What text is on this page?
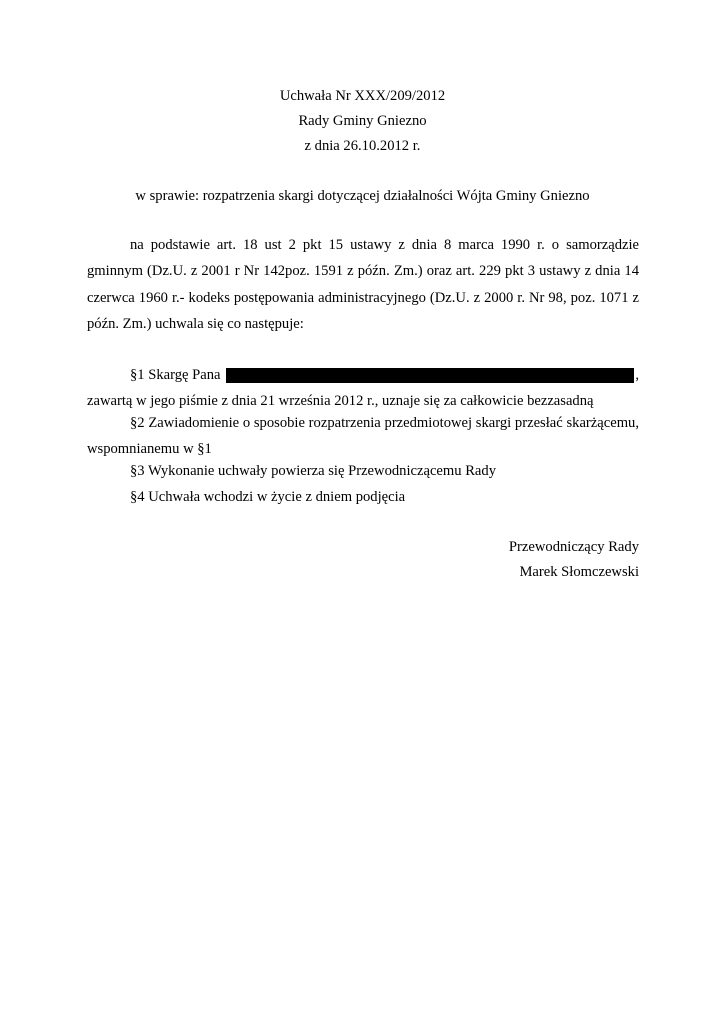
Uchwała Nr XXX/209/2012
Rady Gminy Gniezno
z dnia 26.10.2012 r.
w sprawie: rozpatrzenia skargi dotyczącej działalności Wójta Gminy Gniezno
na podstawie art. 18 ust 2 pkt 15 ustawy z dnia 8 marca 1990 r. o samorządzie gminnym (Dz.U. z 2001 r Nr 142poz. 1591 z późn. Zm.) oraz art. 229 pkt 3 ustawy z dnia 14 czerwca 1960 r.- kodeks postępowania administracyjnego (Dz.U. z 2000 r. Nr 98, poz. 1071 z późn. Zm.) uchwala się co następuje:
§1 Skargę Pana	,
zawartą w jego piśmie z dnia 21 września 2012 r., uznaje się za całkowicie bezzasadną
§2 Zawiadomienie o sposobie rozpatrzenia przedmiotowej skargi przesłać skarżącemu, wspomnianemu w §1
§3 Wykonanie uchwały powierza się Przewodniczącemu Rady
§4 Uchwała wchodzi w życie z dniem podjęcia
Przewodniczący Rady
Marek Słomczewski
